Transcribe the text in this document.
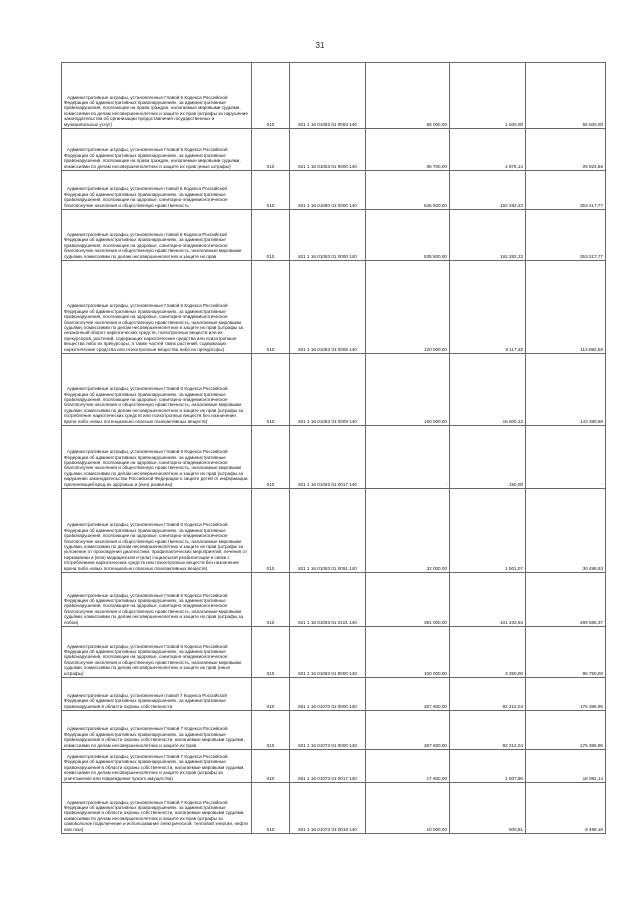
31
Административные штрафы, установленные Главой 5 Кодекса Российской Федерации об административных правонарушениях, за административные правонарушения, посягающие на права граждан, налагаемые мировыми судьями, комиссиями по делам несовершеннолетних и защите их прав (штрафы за нарушение законодательства об организации предоставления государственных и муниципальных услуг)	010	821 1 16 01053 01 0063 140	65 000,00	1 500,00	55 500,00
Административные штрафы, установленные Главой 5 Кодекса Российской Федерации об административных правонарушениях, за административные правонарушения, посягающие на права граждан, налагаемые мировыми судьями, комиссиями по делам несовершеннолетних и защите их прав (иные штрафы)	010	821 1 16 01053 01 9000 140	36 700,00	1 875,14	25 824,86
Административные штрафы, установленные главой 6 Кодекса Российской Федерации об административных правонарушениях, за административные правонарушения, посягающие на здоровье, санитарно-эпидемиологическое благополучие населения и общественную нравственность	010	821 1 16 01060 01 0000 140	535 500,00	182 282,23	353 217,77
Административные штрафы, установленные главой 6 Кодекса Российской Федерации об административных правонарушениях, за административные правонарушения, посягающие на здоровье, санитарно-эпидемиологическое благополучие населения и общественную нравственность, налагаемые мировыми судьями, комиссиями по делам несовершеннолетних и защите их прав	010	821 1 16 01063 01 0000 140	535 500,00	182 282,23	353 217,77
Административные штрафы, установленные Главой 6 Кодекса Российской Федерации об административных правонарушениях, за административные правонарушения, посягающие на здоровье, санитарно-эпидемиологическое благополучие населения и общественную нравственность, налагаемые мировыми судьями, комиссиями по делам несовершеннолетних и защите их прав (штрафы за незаконный оборот наркотических средств, психотропных веществ или их прекурсоров, растений, содержащих наркотические средства или психотропные вещества либо их прекурсоры, а также частей таких растений, содержащих наркотические средства или психотропные вещества либо их прекурсоры)	010	821 1 16 01063 01 0008 140	120 000,00	6 117,45	113 882,55
Административные штрафы, установленные Главой 6 Кодекса Российской Федерации об административных правонарушениях, за административные правонарушения, посягающие на здоровье, санитарно-эпидемиологическое благополучие населения и общественную нравственность, налагаемые мировыми судьями, комиссиями по делам несовершеннолетних и защите их прав (штрафы за потребление наркотических средств или психотропных веществ без назначения врача либо новых потенциально опасных психоактивных веществ)	010	821 1 16 01063 01 0009 140	160 000,00	16 600,12	143 399,88
Административные штрафы, установленные Главой 6 Кодекса Российской Федерации об административных правонарушениях, за административные правонарушения, посягающие на здоровье, санитарно-эпидемиологическое благополучие населения и общественную нравственность, налагаемые мировыми судьями, комиссиями по делам несовершеннолетних и защите их прав (штрафы за нарушение законодательства Российской Федерации о защите детей от информации, причиняющей вред их здоровью и (или) развитию)	010	821 1 16 01063 01 0017 140	-	150,00	-
Административные штрафы, установленные Главой 6 Кодекса Российской Федерации об административных правонарушениях, за административные правонарушения, посягающие на здоровье, санитарно-эпидемиологическое благополучие населения и общественную нравственность, налагаемые мировыми судьями, комиссиями по делам несовершеннолетних и защите их прав (штрафы за уклонение от прохождения диагностики, профилактических мероприятий, лечения от наркомании и (или) медицинской и (или) социальной реабилитации в связи с потреблением наркотических средств или психотропных веществ без назначения врача либо новых потенциально опасных психоактивных веществ)	010	821 1 16 01063 01 0091 140	32 000,00	1 501,07	30 498,93
Административные штрафы, установленные Главой 6 Кодекса Российской Федерации об административных правонарушениях, за административные правонарушения, посягающие на здоровье, санитарно-эпидемиологическое благополучие населения и общественную нравственность, налагаемые мировыми судьями, комиссиями по делам несовершеннолетних и защите их прав (штрафы за побои)	010	821 1 16 01063 01 0101 140	391 000,00	101 433,63	289 566,37
Административные штрафы, установленные Главой 6 Кодекса Российской Федерации об административных правонарушениях, за административные правонарушения, посягающие на здоровье, санитарно-эпидемиологическое благополучие населения и общественную нравственность, налагаемые мировыми судьями, комиссиями по делам несовершеннолетних и защите их прав (иные штрафы)	010	821 1 16 01063 01 9000 140	100 000,00	3 250,00	96 750,00
Административные штрафы, установленные главой 7 Кодекса Российской Федерации об административных правонарушениях, за административные правонарушения в области охраны собственности	010	821 1 16 01070 01 0000 140	267 600,00	92 212,04	175 386,96
Административные штрафы, установленные Главой 7 Кодекса Российской Федерации об административных правонарушениях, за административные правонарушения в области охраны собственности, налагаемые мировыми судьями, комиссиями по делам несовершеннолетних и защите их прав	010	821 1 16 01073 01 0000 140	267 600,00	92 212,04	175 386,96
Административные штрафы, установленные Главой 7 Кодекса Российской Федерации об административных правонарушениях, за административные правонарушения в области охраны собственности, налагаемые мировыми судьями, комиссиями по делам несовершеннолетних и защите их прав (штрафы за уничтожение или повреждение чужого имущества)	010	821 1 16 01073 01 0017 140	17 600,00	1 507,86	16 092,14
Административные штрафы, установленные Главой 7 Кодекса Российской Федерации об административных правонарушениях, за административные правонарушения в области охраны собственности, налагаемые мировыми судьями, комиссиями по делам несовершеннолетних и защите их прав (штрафы за самовольное подключение и использование электрической, тепловой энергии, нефти или газа)	010	821 1 16 01073 01 0019 140	10 000,00	500,81	9 499,19
